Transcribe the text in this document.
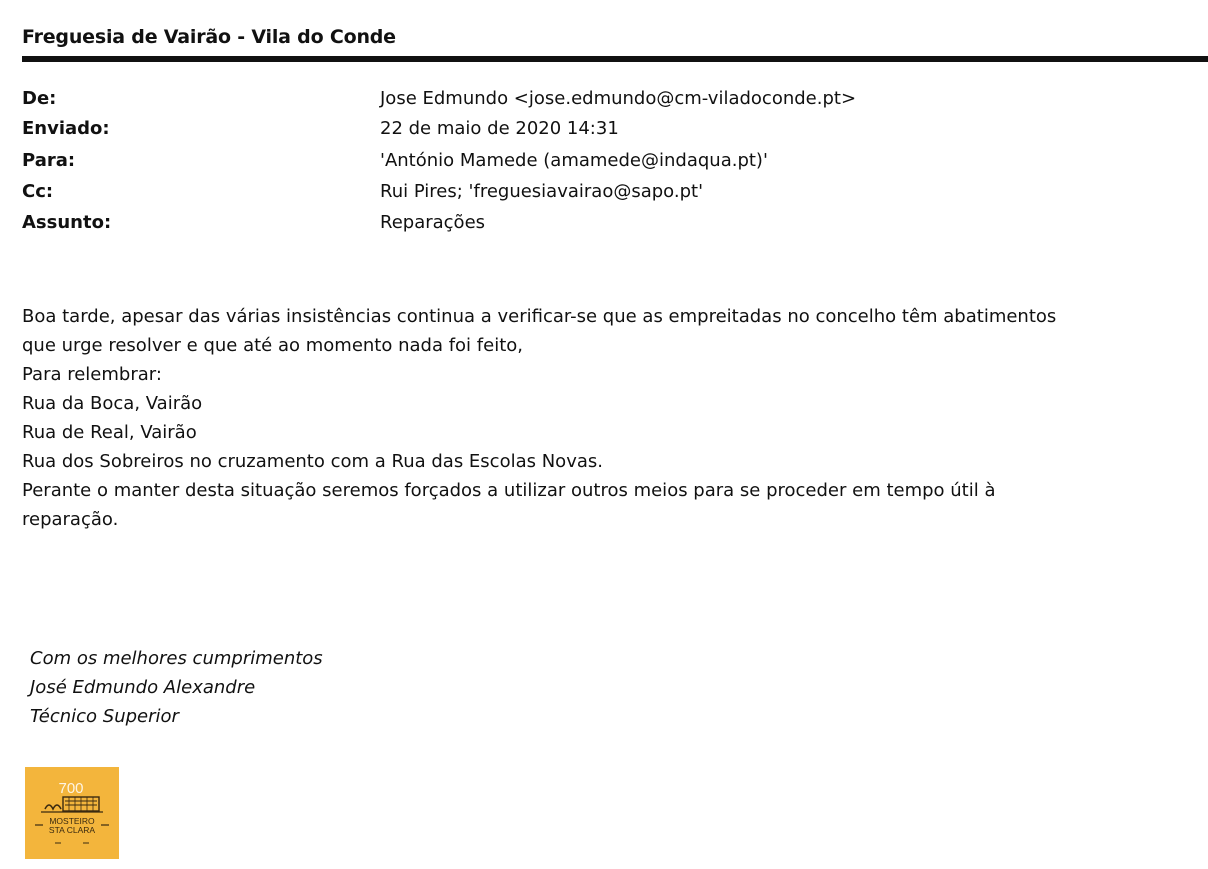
Freguesia de Vairão - Vila do Conde
De:	Jose Edmundo <jose.edmundo@cm-viladoconde.pt>
Enviado:	22 de maio de 2020 14:31
Para:	'António Mamede (amamede@indaqua.pt)'
Cc:	Rui Pires; 'freguesiavairao@sapo.pt'
Assunto:	Reparações

Boa tarde, apesar das várias insistências continua a verificar-se que as empreitadas no concelho têm abatimentos

que urge resolver e que até ao momento nada foi feito,

Para relembrar:

Rua da Boca, Vairão

Rua de Real, Vairão

Rua dos Sobreiros no cruzamento com a Rua das Escolas Novas.

Perante o manter desta situação seremos forçados a utilizar outros meios para se proceder em tempo útil à

reparação.

Com os melhores cumprimentos

José Edmundo Alexandre

Técnico Superior

700
MOSTEIRO
STA CLARA
